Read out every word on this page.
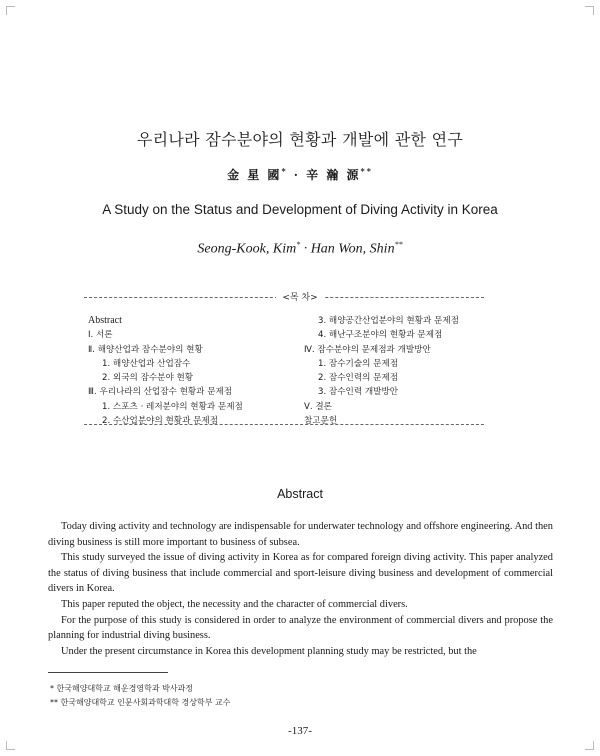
우리나라 잠수분야의 현황과 개발에 관한 연구
金 星 國* · 辛 瀚 源**
A Study on the Status and Development of Diving Activity in Korea
Seong-Kook, Kim* · Han Won, Shin**
<목 차>
Abstract
Ⅰ. 서론
Ⅱ. 해양산업과 잠수분야의 현황
1. 해양산업과 산업잠수
2. 외국의 잠수분야 현황
Ⅲ. 우리나라의 산업잠수 현황과 문제점
1. 스포츠 · 레저분야의 현황과 문제점
2. 수산업분야의 현황과 문제점
3. 해양공간산업분야의 현황과 문제점
4. 해난구조분야의 현황과 문제점
Ⅳ. 잠수분야의 문제점과 개발방안
1. 잠수기술의 문제점
2. 잠수인력의 문제점
3. 잠수인력 개발방안
Ⅴ. 결론
참고문헌
Abstract

Today diving activity and technology are indispensable for underwater technology and offshore engineering. And then diving business is still more important to business of subsea.

This study surveyed the issue of diving activity in Korea as for compared foreign diving activity. This paper analyzed the status of diving business that include commercial and sport-leisure diving business and development of commercial divers in Korea.

This paper reputed the object, the necessity and the character of commercial divers.

For the purpose of this study is considered in order to analyze the environment of commercial divers and propose the planning for industrial diving business.

Under the present circumstance in Korea this development planning study may be restricted, but the

* 한국해양대학교 해운경영학과 박사과정
** 한국해양대학교 인문사회과학대학 경상학부 교수
-137-
